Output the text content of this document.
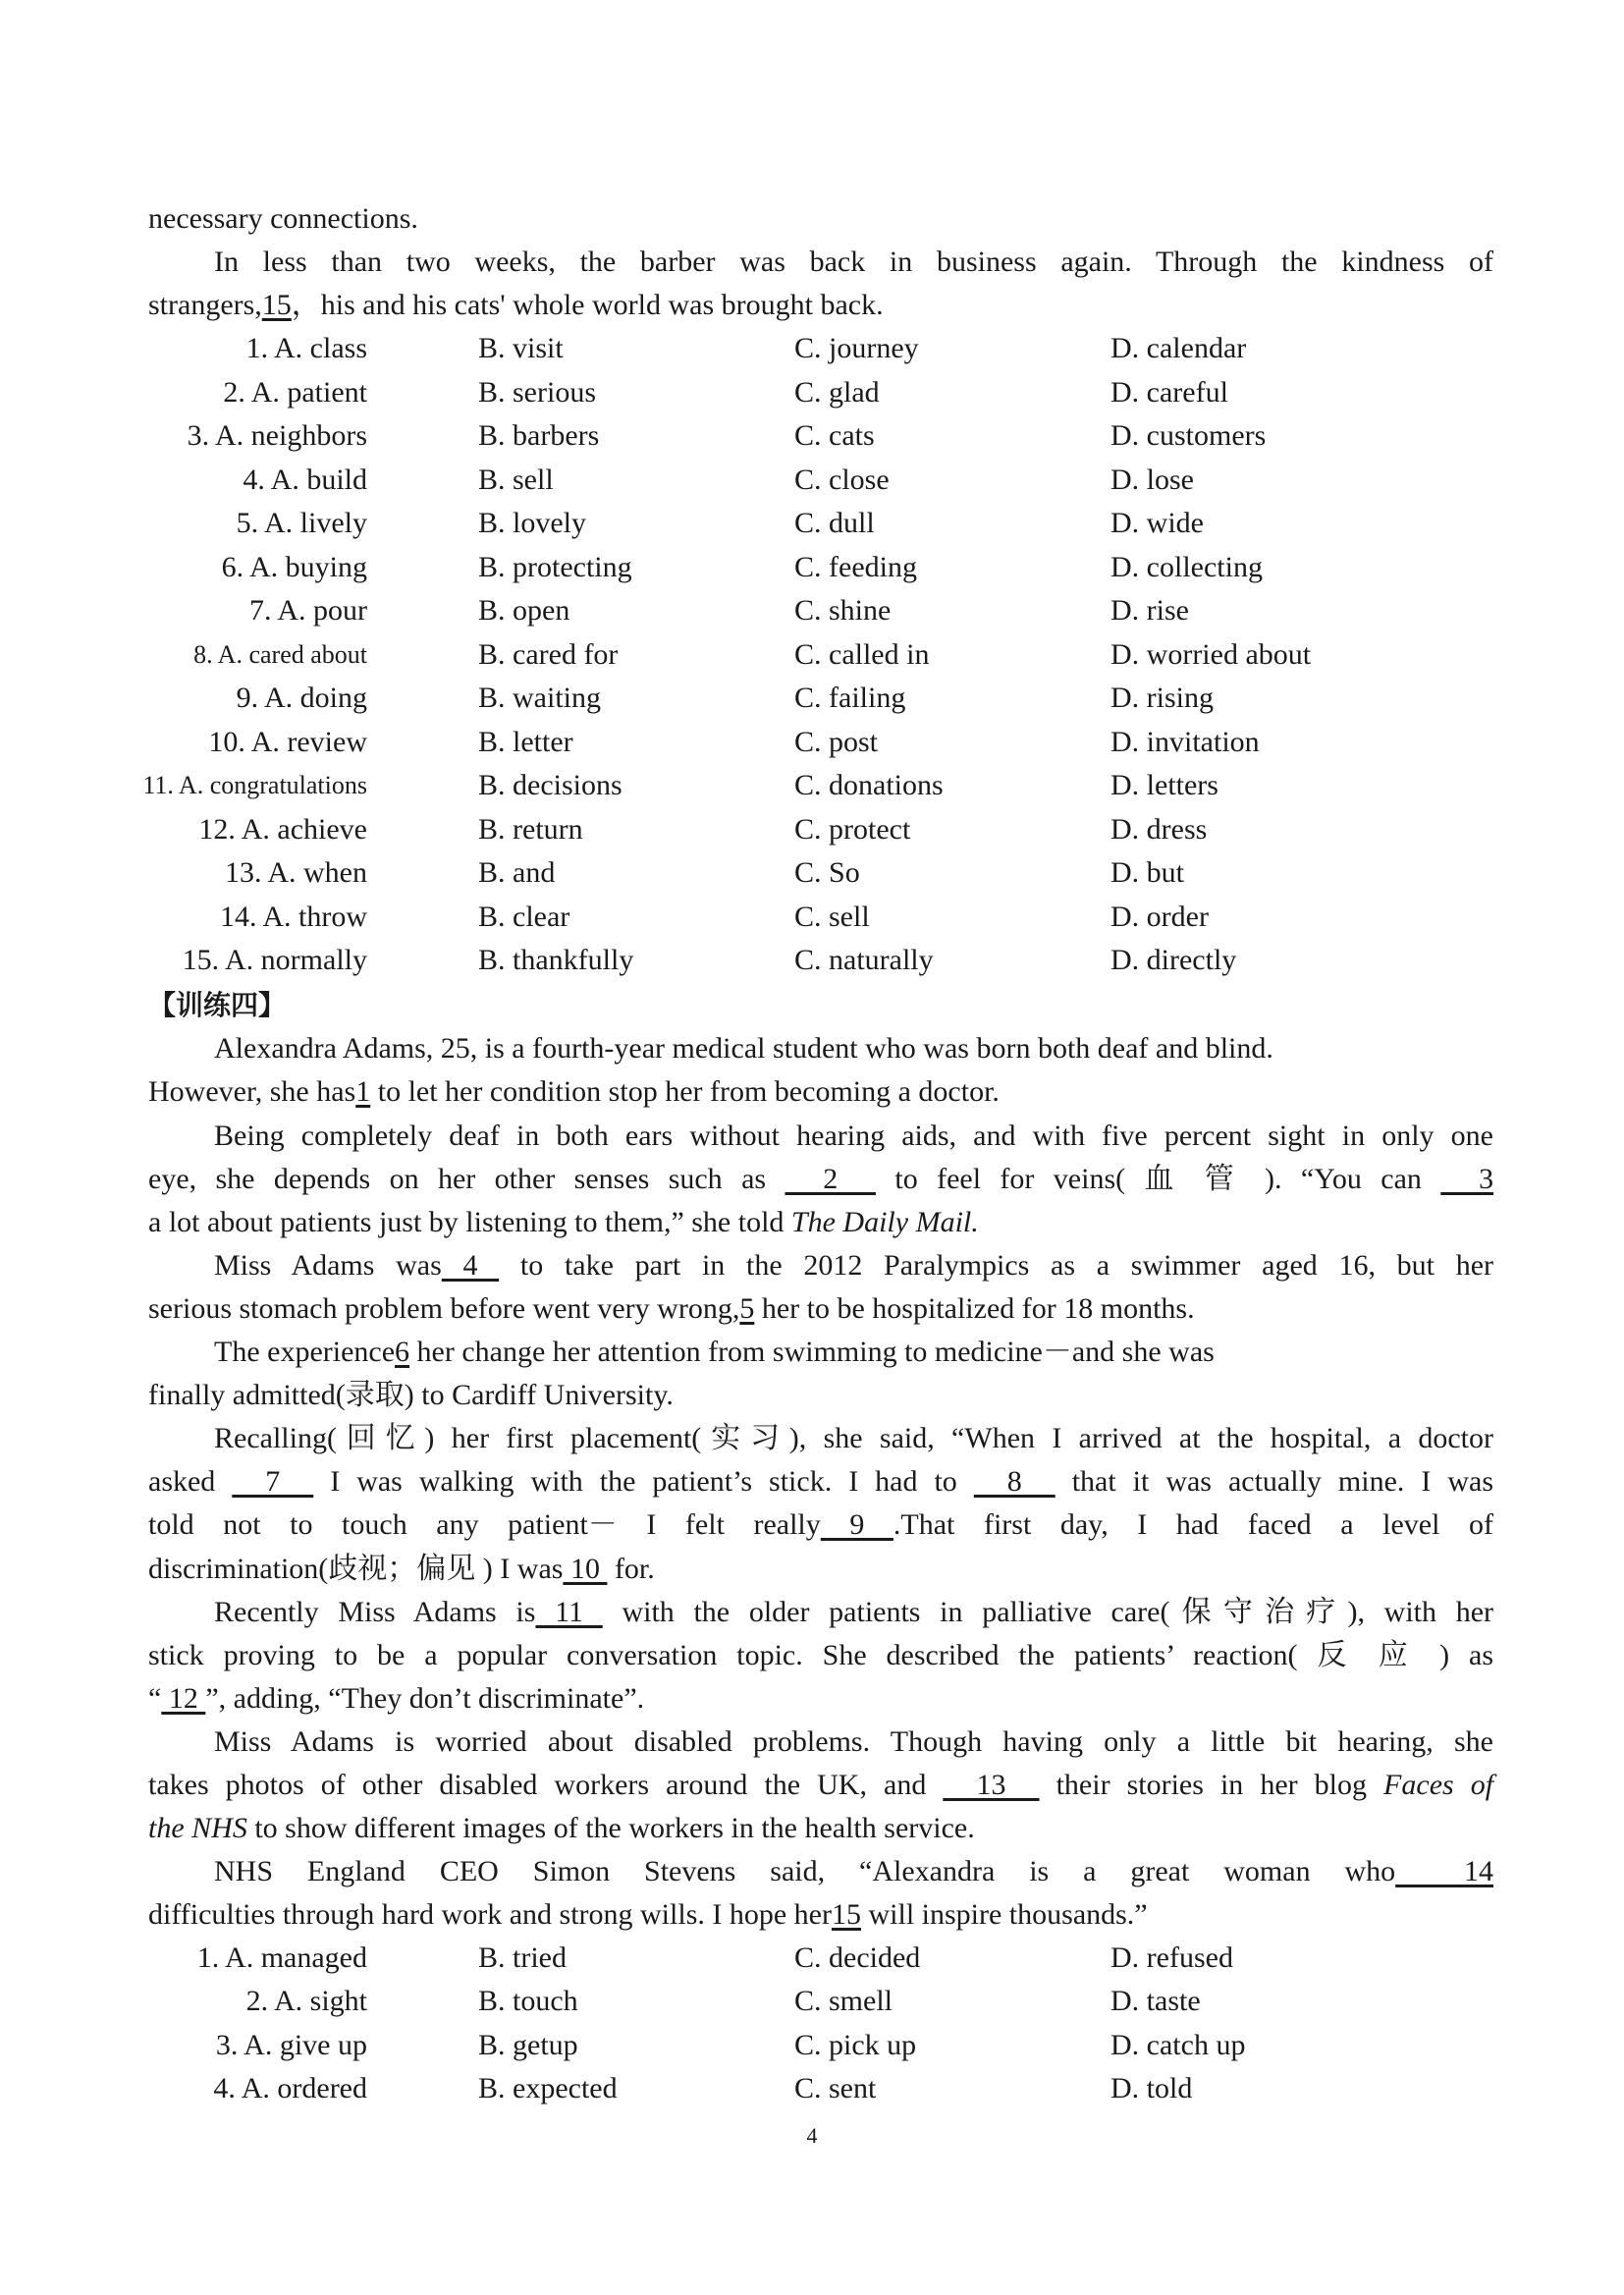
necessary connections.
In less than two weeks, the barber was back in business again. Through the kindness of
strangers,15，his and his cats' whole world was brought back.
1. A. class	B. visit	C. journey	D. calendar
2. A. patient	B. serious	C. glad	D. careful
3. A. neighbors	B. barbers	C. cats	D. customers
4. A. build	B. sell	C. close	D. lose
5. A. lively	B. lovely	C. dull	D. wide
6. A. buying	B. protecting	C. feeding	D. collecting
7. A. pour	B. open	C. shine	D. rise
8. A. cared about	B. cared for	C. called in	D. worried about
9. A. doing	B. waiting	C. failing	D. rising
10. A. review	B. letter	C. post	D. invitation
11. A. congratulations	B. decisions	C. donations	D. letters
12. A. achieve	B. return	C. protect	D. dress
13. A. when	B. and	C. So	D. but
14. A. throw	B. clear	C. sell	D. order
15. A. normally	B. thankfully	C. naturally	D. directly
【训练四】
Alexandra Adams, 25, is a fourth-year medical student who was born both deaf and blind.
However, she has1 to let her condition stop her from becoming a doctor.
Being completely deaf in both ears without hearing aids, and with five percent sight in only one
eye, she depends on her other senses such as   2   to feel for veins( 血 管 ). “You can   3
a lot about patients just by listening to them,” she told The Daily Mail.
Miss Adams was 4  to take part in the 2012 Paralympics as a swimmer aged 16, but her
serious stomach problem before went very wrong,5 her to be hospitalized for 18 months.
The experience6 her change her attention from swimming to medicine－and she was
finally admitted(录取) to Cardiff University.
Recalling(回忆) her first placement(实习), she said, “When I arrived at the hospital, a doctor
asked   7   I was walking with the patient’s stick. I had to   8   that it was actually mine. I was
told not to touch any patient－ I felt really 9 .That first day, I had faced a level of
discrimination(歧视；偏见 ) I was 10  for.
Recently Miss Adams is 11  with the older patients in palliative care(保守治疗), with her
stick proving to be a popular conversation topic. She described the patients’ reaction( 反 应 ) as
“ 12 ”, adding, “They don’t discriminate”.
Miss Adams is worried about disabled problems. Though having only a little bit hearing, she
takes photos of other disabled workers around the UK, and   13   their stories in her blog Faces of
the NHS to show different images of the workers in the health service.
NHS England CEO Simon Stevens said, “Alexandra is a great woman who  14
difficulties through hard work and strong wills. I hope her15 will inspire thousands.”
1. A. managed	B. tried	C. decided	D. refused
2. A. sight	B. touch	C. smell	D. taste
3. A. give up	B. getup	C. pick up	D. catch up
4. A. ordered	B. expected	C. sent	D. told
4
